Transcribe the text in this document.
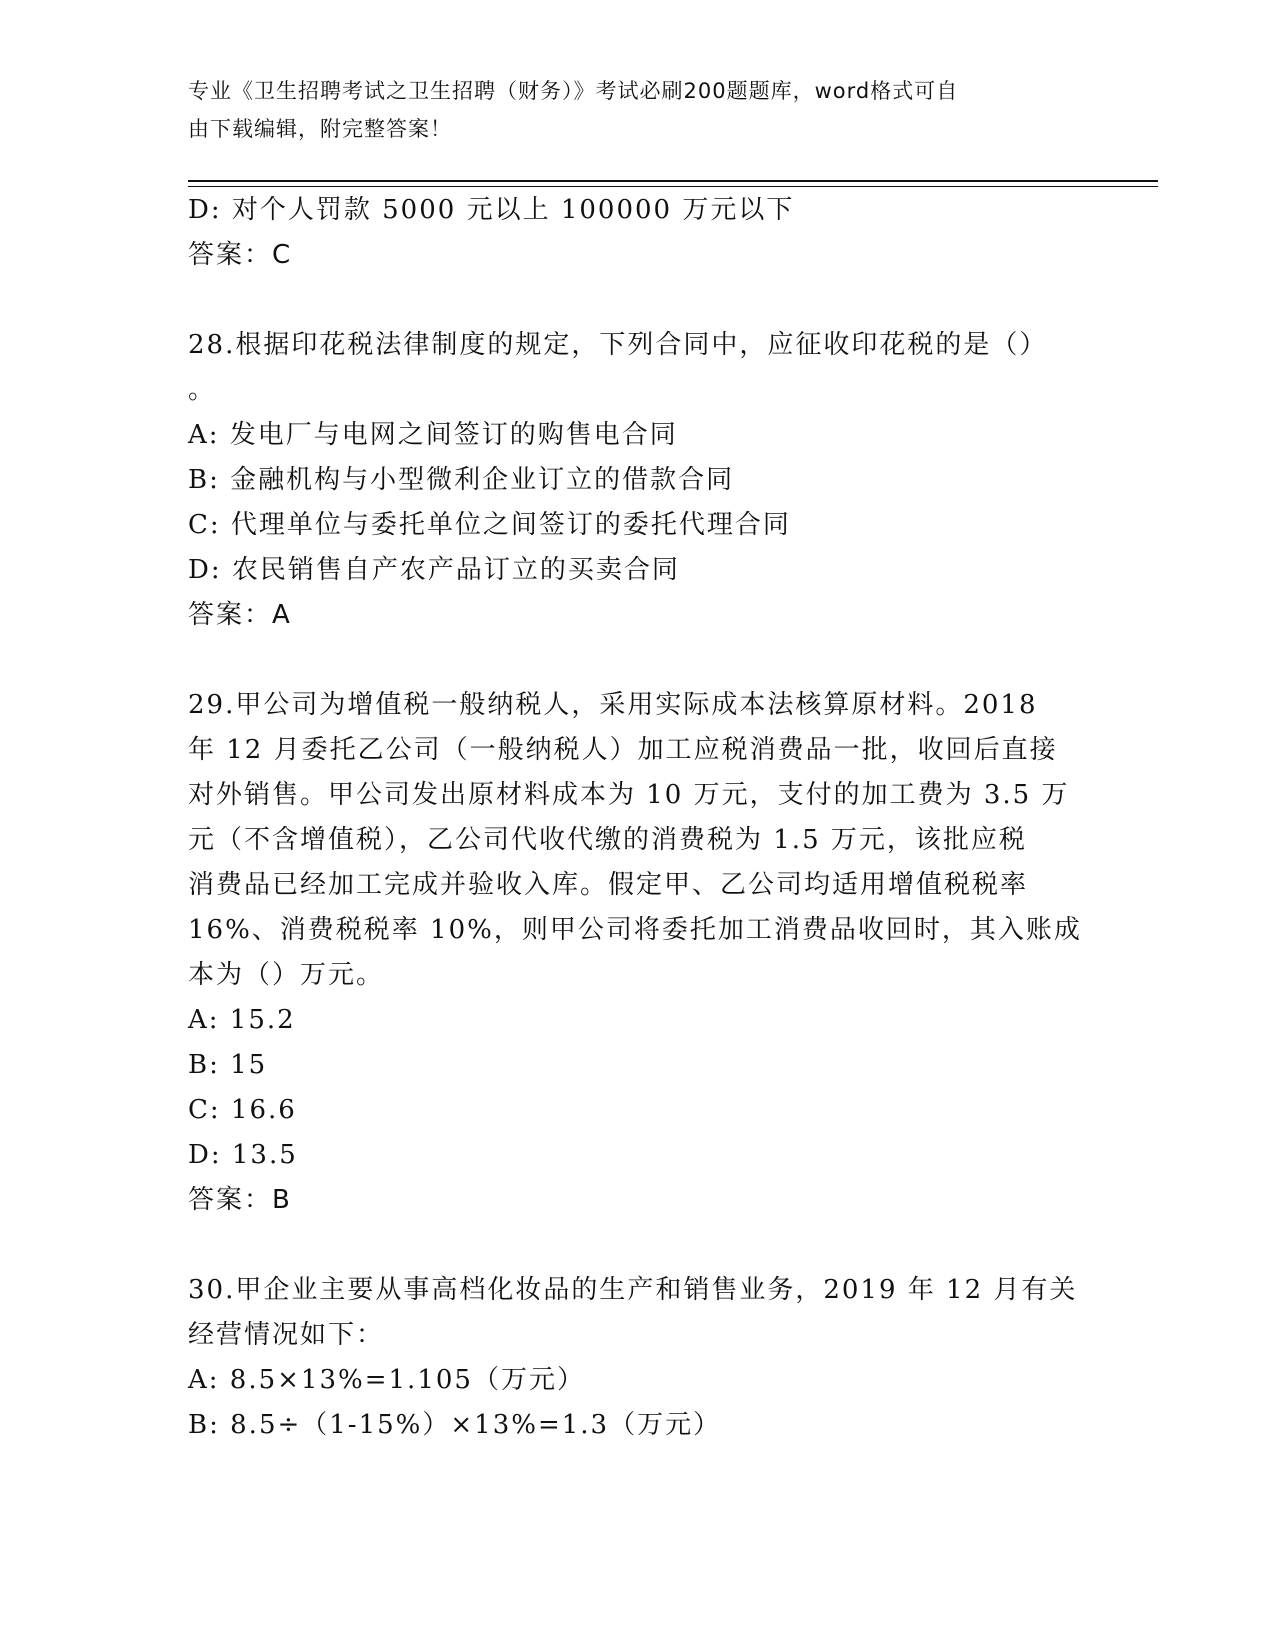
专业《卫生招聘考试之卫生招聘（财务）》考试必刷200题题库，word格式可自
由下载编辑，附完整答案！
D: 对个人罚款 5000 元以上 100000 万元以下
答案：C
28.根据印花税法律制度的规定，下列合同中，应征收印花税的是（）
。
A: 发电厂与电网之间签订的购售电合同
B: 金融机构与小型微利企业订立的借款合同
C: 代理单位与委托单位之间签订的委托代理合同
D: 农民销售自产农产品订立的买卖合同
答案：A
29.甲公司为增值税一般纳税人，采用实际成本法核算原材料。2018
年 12 月委托乙公司（一般纳税人）加工应税消费品一批，收回后直接
对外销售。甲公司发出原材料成本为 10 万元，支付的加工费为 3.5 万
元（不含增值税），乙公司代收代缴的消费税为 1.5 万元，该批应税
消费品已经加工完成并验收入库。假定甲、乙公司均适用增值税税率
16%、消费税税率 10%，则甲公司将委托加工消费品收回时，其入账成
本为（）万元。
A: 15.2
B: 15
C: 16.6
D: 13.5
答案：B
30.甲企业主要从事高档化妆品的生产和销售业务，2019 年 12 月有关
经营情况如下：
A: 8.5×13%=1.105（万元）
B: 8.5÷（1-15%）×13%=1.3（万元）
